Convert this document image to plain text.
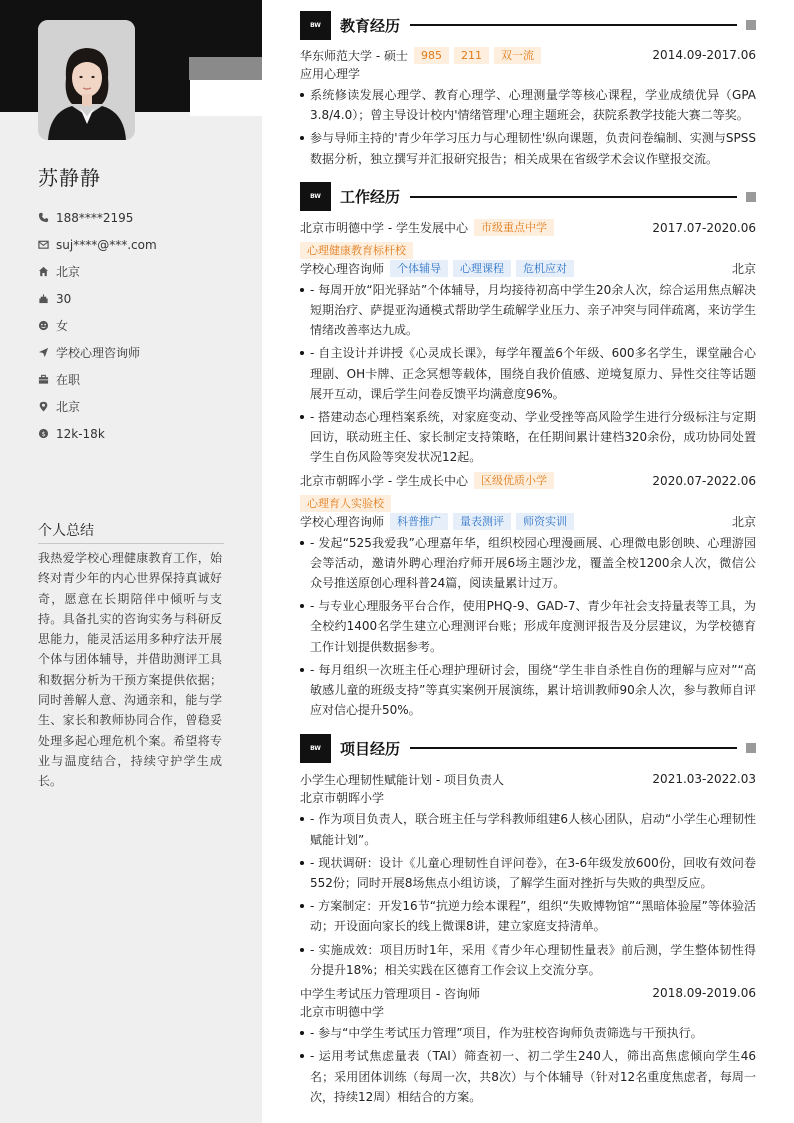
苏静静
188****2195
suj****@***.com
北京
30
女
学校心理咨询师
在职
北京
$ 12k-18k
个人总结
我热爱学校心理健康教育工作，始终对青少年的内心世界保持真诚好奇，愿意在长期陪伴中倾听与支持。具备扎实的咨询实务与科研反思能力，能灵活运用多种疗法开展个体与团体辅导，并借助测评工具和数据分析为干预方案提供依据；同时善解人意、沟通亲和，能与学生、家长和教师协同合作，曾稳妥处理多起心理危机个案。希望将专业与温度结合，持续守护学生成长。
BW	教育经历
华东师范大学 - 硕士	985	211	双一流	2014.09-2017.06
应用心理学
系统修读发展心理学、教育心理学、心理测量学等核心课程，学业成绩优异（GPA 3.8/4.0）；曾主导设计校内'情绪管理'心理主题班会，获院系教学技能大赛二等奖。
参与导师主持的'青少年学习压力与心理韧性'纵向课题，负责问卷编制、实测与SPSS数据分析，独立撰写并汇报研究报告；相关成果在省级学术会议作壁报交流。
BW	工作经历
北京市明德中学 - 学生发展中心	市级重点中学	2017.07-2020.06
心理健康教育标杆校
学校心理咨询师	个体辅导	心理课程	危机应对	北京
- 每周开放“阳光驿站”个体辅导，月均接待初高中学生20余人次，综合运用焦点解决短期治疗、萨提亚沟通模式帮助学生疏解学业压力、亲子冲突与同伴疏离，来访学生情绪改善率达九成。
- 自主设计并讲授《心灵成长课》，每学年覆盖6个年级、600多名学生，课堂融合心理剧、OH卡牌、正念冥想等载体，围绕自我价值感、逆境复原力、异性交往等话题展开互动，课后学生问卷反馈平均满意度96%。
- 搭建动态心理档案系统，对家庭变动、学业受挫等高风险学生进行分级标注与定期回访，联动班主任、家长制定支持策略，在任期间累计建档320余份，成功协同处置学生自伤风险等突发状况12起。
北京市朝晖小学 - 学生成长中心	区级优质小学	2020.07-2022.06
心理育人实验校
学校心理咨询师	科普推广	量表测评	师资实训	北京
- 发起“525我爱我”心理嘉年华，组织校园心理漫画展、心理微电影创映、心理游园会等活动，邀请外聘心理治疗师开展6场主题沙龙，覆盖全校1200余人次，微信公众号推送原创心理科普24篇，阅读量累计过万。
- 与专业心理服务平台合作，使用PHQ-9、GAD-7、青少年社会支持量表等工具，为全校约1400名学生建立心理测评台账；形成年度测评报告及分层建议，为学校德育工作计划提供数据参考。
- 每月组织一次班主任心理护理研讨会，围绕“学生非自杀性自伤的理解与应对”“高敏感儿童的班级支持”等真实案例开展演练，累计培训教师90余人次，参与教师自评应对信心提升50%。
BW	项目经历
小学生心理韧性赋能计划 - 项目负责人	2021.03-2022.03
北京市朝晖小学
- 作为项目负责人，联合班主任与学科教师组建6人核心团队，启动“小学生心理韧性赋能计划”。
- 现状调研：设计《儿童心理韧性自评问卷》，在3-6年级发放600份，回收有效问卷552份；同时开展8场焦点小组访谈，了解学生面对挫折与失败的典型反应。
- 方案制定：开发16节“抗逆力绘本课程”，组织“失败博物馆”“黑暗体验屋”等体验活动；开设面向家长的线上微课8讲，建立家庭支持清单。
- 实施成效：项目历时1年，采用《青少年心理韧性量表》前后测，学生整体韧性得分提升18%；相关实践在区德育工作会议上交流分享。
中学生考试压力管理项目 - 咨询师	2018.09-2019.06
北京市明德中学
- 参与“中学生考试压力管理”项目，作为驻校咨询师负责筛选与干预执行。
- 运用考试焦虑量表（TAI）筛查初一、初二学生240人，筛出高焦虑倾向学生46名；采用团体训练（每周一次，共8次）与个体辅导（针对12名重度焦虑者，每周一次，持续12周）相结合的方案。
